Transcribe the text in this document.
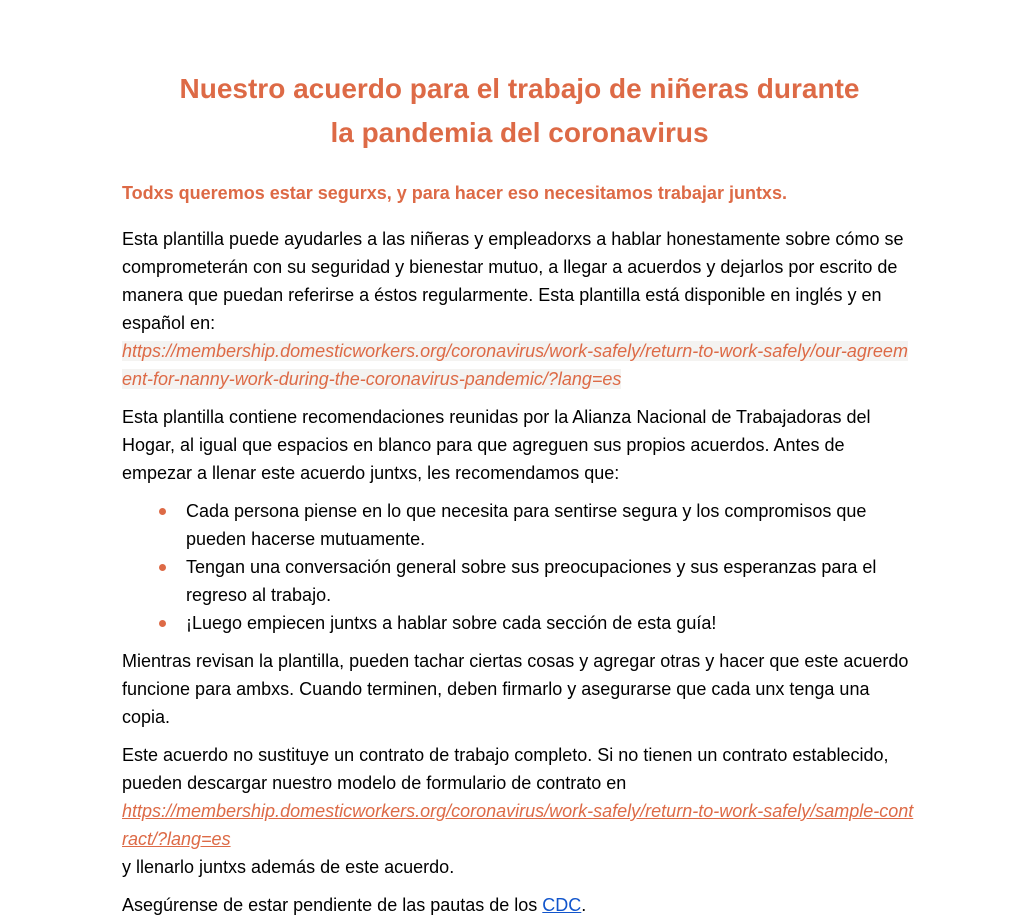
Nuestro acuerdo para el trabajo de niñeras durante
la pandemia del coronavirus

Todxs queremos estar segurxs, y para hacer eso necesitamos trabajar juntxs.

Esta plantilla puede ayudarles a las niñeras y empleadorxs a hablar honestamente sobre cómo se comprometerán con su seguridad y bienestar mutuo, a llegar a acuerdos y dejarlos por escrito de manera que puedan referirse a éstos regularmente. Esta plantilla está disponible en inglés y en español en:
https://membership.domesticworkers.org/coronavirus/work-safely/return-to-work-safely/our-agreement-for-nanny-work-during-the-coronavirus-pandemic/?lang=es

Esta plantilla contiene recomendaciones reunidas por la Alianza Nacional de Trabajadoras del Hogar, al igual que espacios en blanco para que agreguen sus propios acuerdos. Antes de empezar a llenar este acuerdo juntxs, les recomendamos que:

Cada persona piense en lo que necesita para sentirse segura y los compromisos que pueden hacerse mutuamente.
Tengan una conversación general sobre sus preocupaciones y sus esperanzas para el regreso al trabajo.
¡Luego empiecen juntxs a hablar sobre cada sección de esta guía!

Mientras revisan la plantilla, pueden tachar ciertas cosas y agregar otras y hacer que este acuerdo funcione para ambxs. Cuando terminen, deben firmarlo y asegurarse que cada unx tenga una copia.

Este acuerdo no sustituye un contrato de trabajo completo. Si no tienen un contrato establecido, pueden descargar nuestro modelo de formulario de contrato en
https://membership.domesticworkers.org/coronavirus/work-safely/return-to-work-safely/sample-contract/?lang=es
y llenarlo juntxs además de este acuerdo.

Asegúrense de estar pendiente de las pautas de los CDC.
